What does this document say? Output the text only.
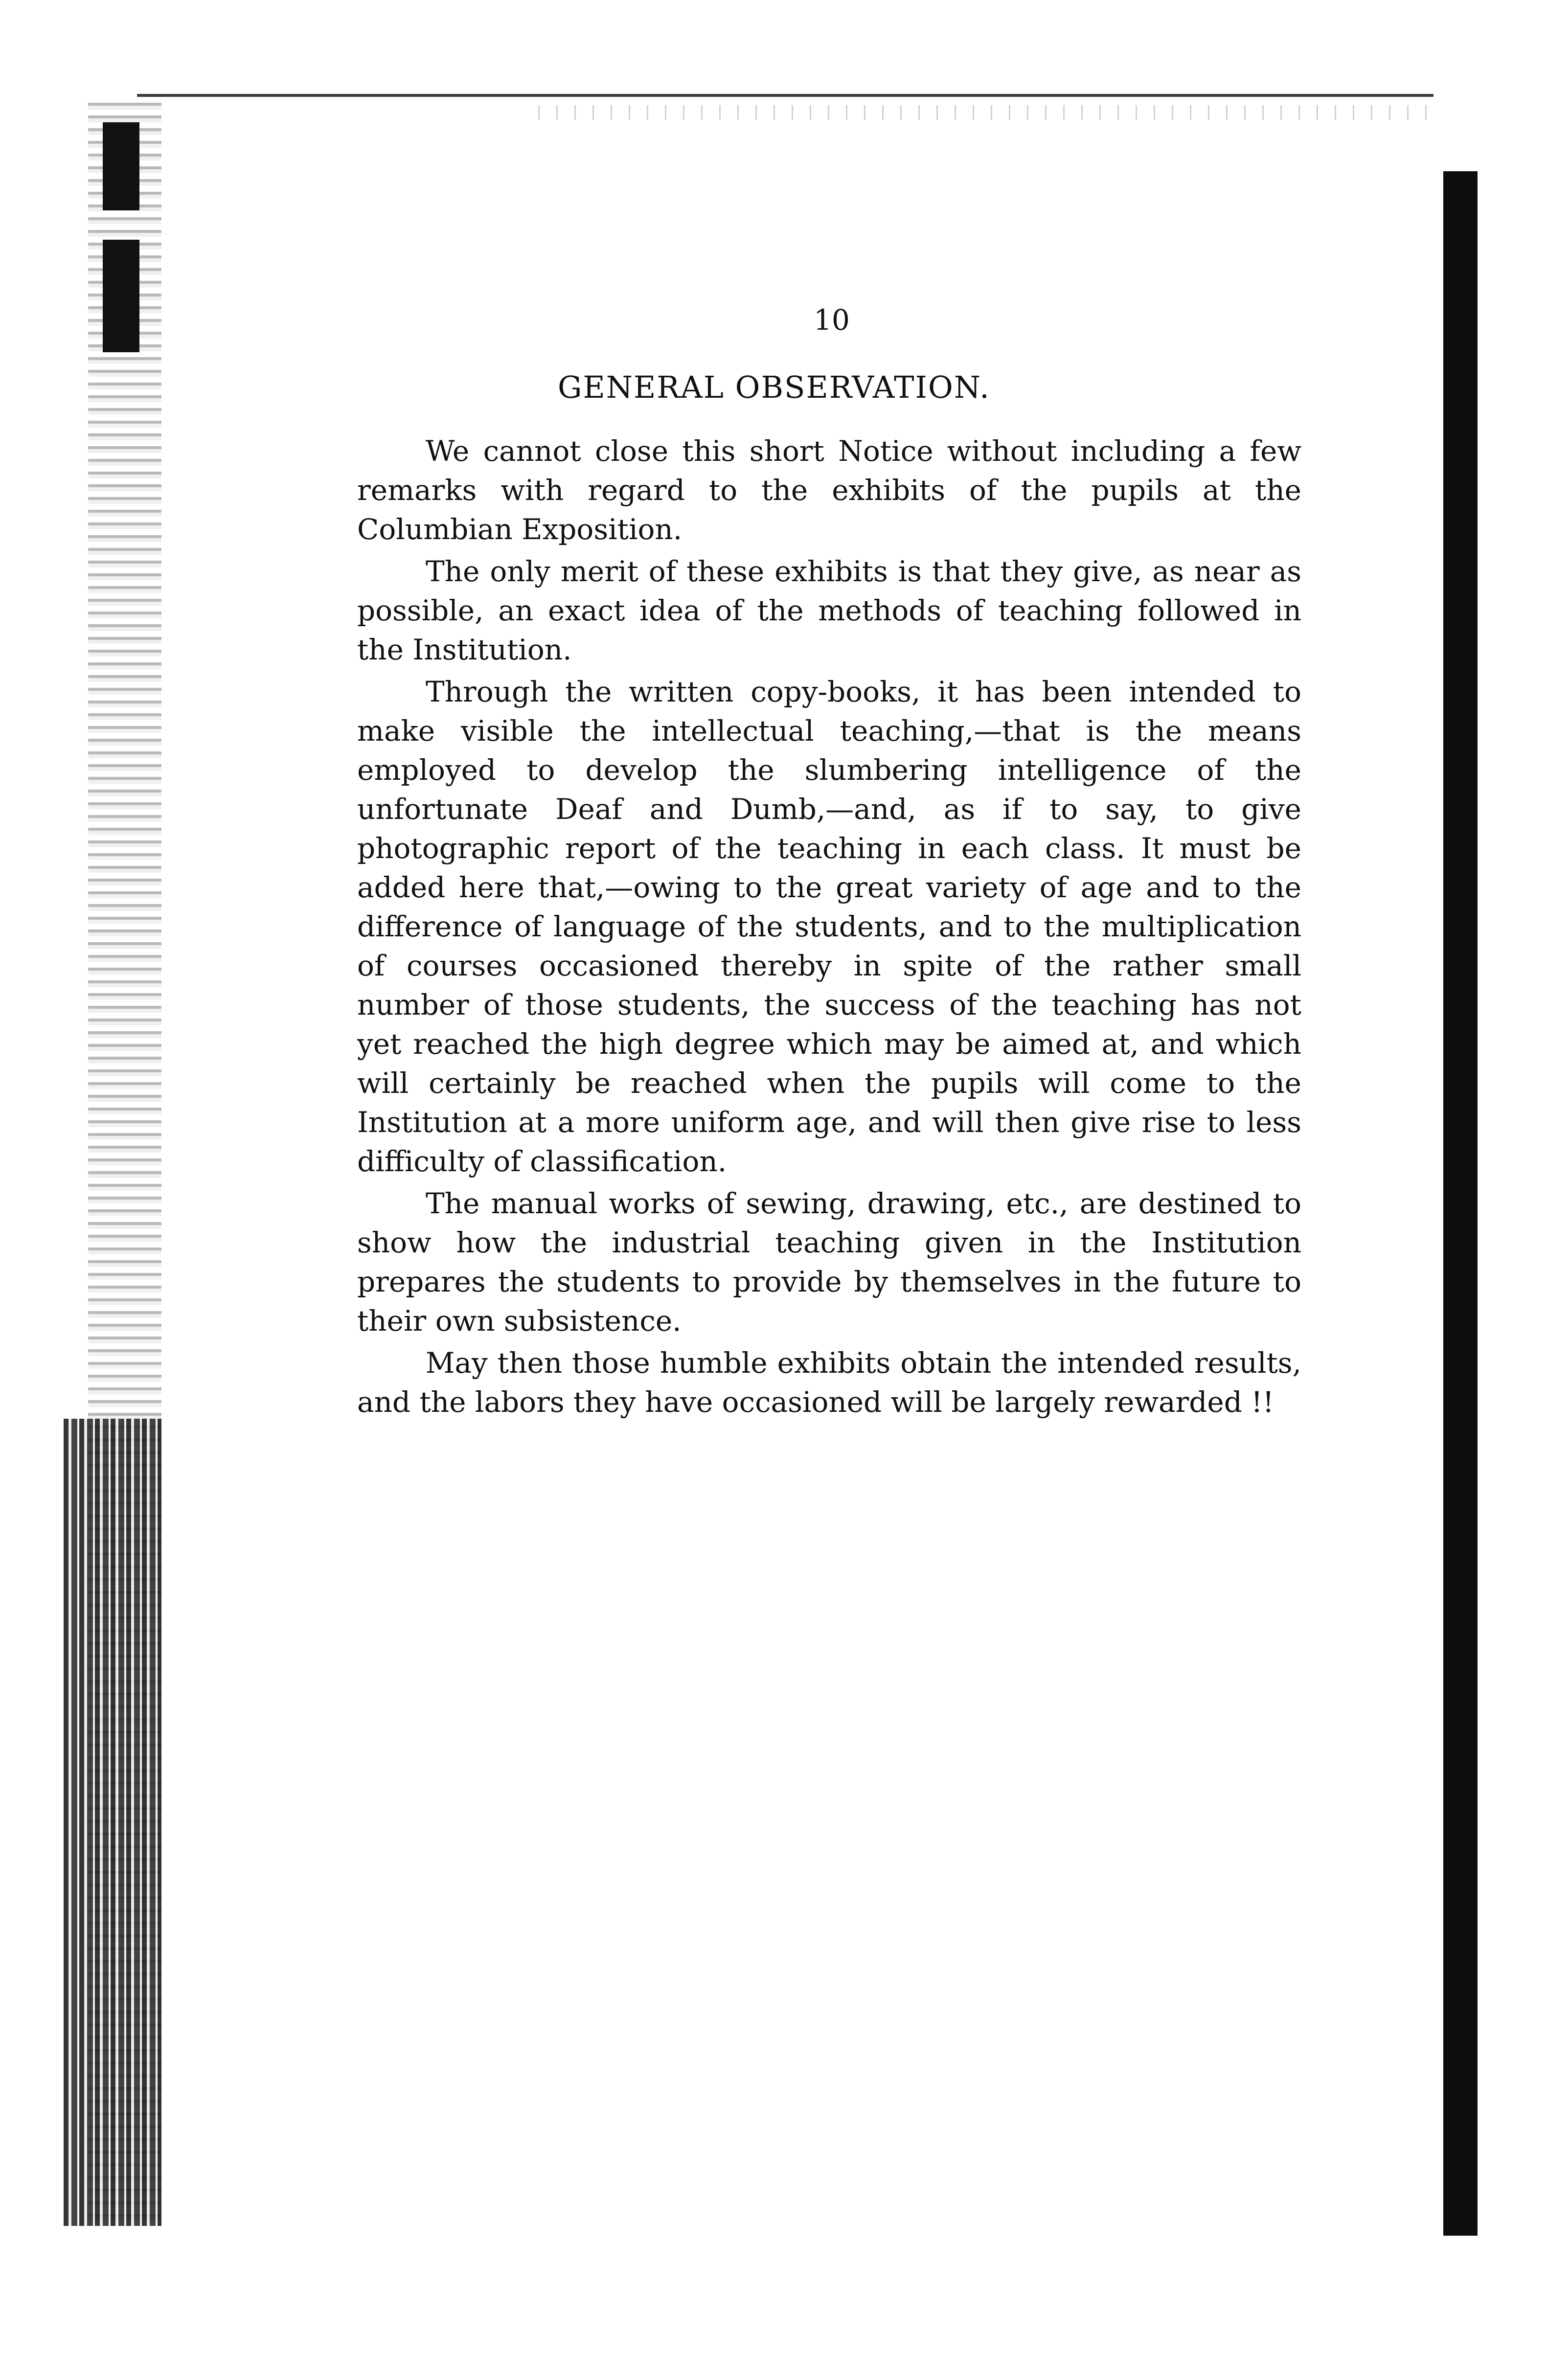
10
GENERAL OBSERVATION.

We cannot close this short Notice without including a few remarks with regard to the exhibits of the pupils at the Columbian Exposition.

The only merit of these exhibits is that they give, as near as possible, an exact idea of the methods of teaching followed in the Institution.

Through the written copy-books, it has been intended to make visible the intellectual teaching,—that is the means employed to develop the slumbering intelligence of the unfortunate Deaf and Dumb,—and, as if to say, to give photographic report of the teaching in each class. It must be added here that,—owing to the great variety of age and to the difference of language of the students, and to the multiplication of courses occasioned thereby in spite of the rather small number of those students, the success of the teaching has not yet reached the high degree which may be aimed at, and which will certainly be reached when the pupils will come to the Institution at a more uniform age, and will then give rise to less difficulty of classification.

The manual works of sewing, drawing, etc., are destined to show how the industrial teaching given in the Institution prepares the students to provide by themselves in the future to their own subsistence.

May then those humble exhibits obtain the intended results, and the labors they have occasioned will be largely rewarded !!
